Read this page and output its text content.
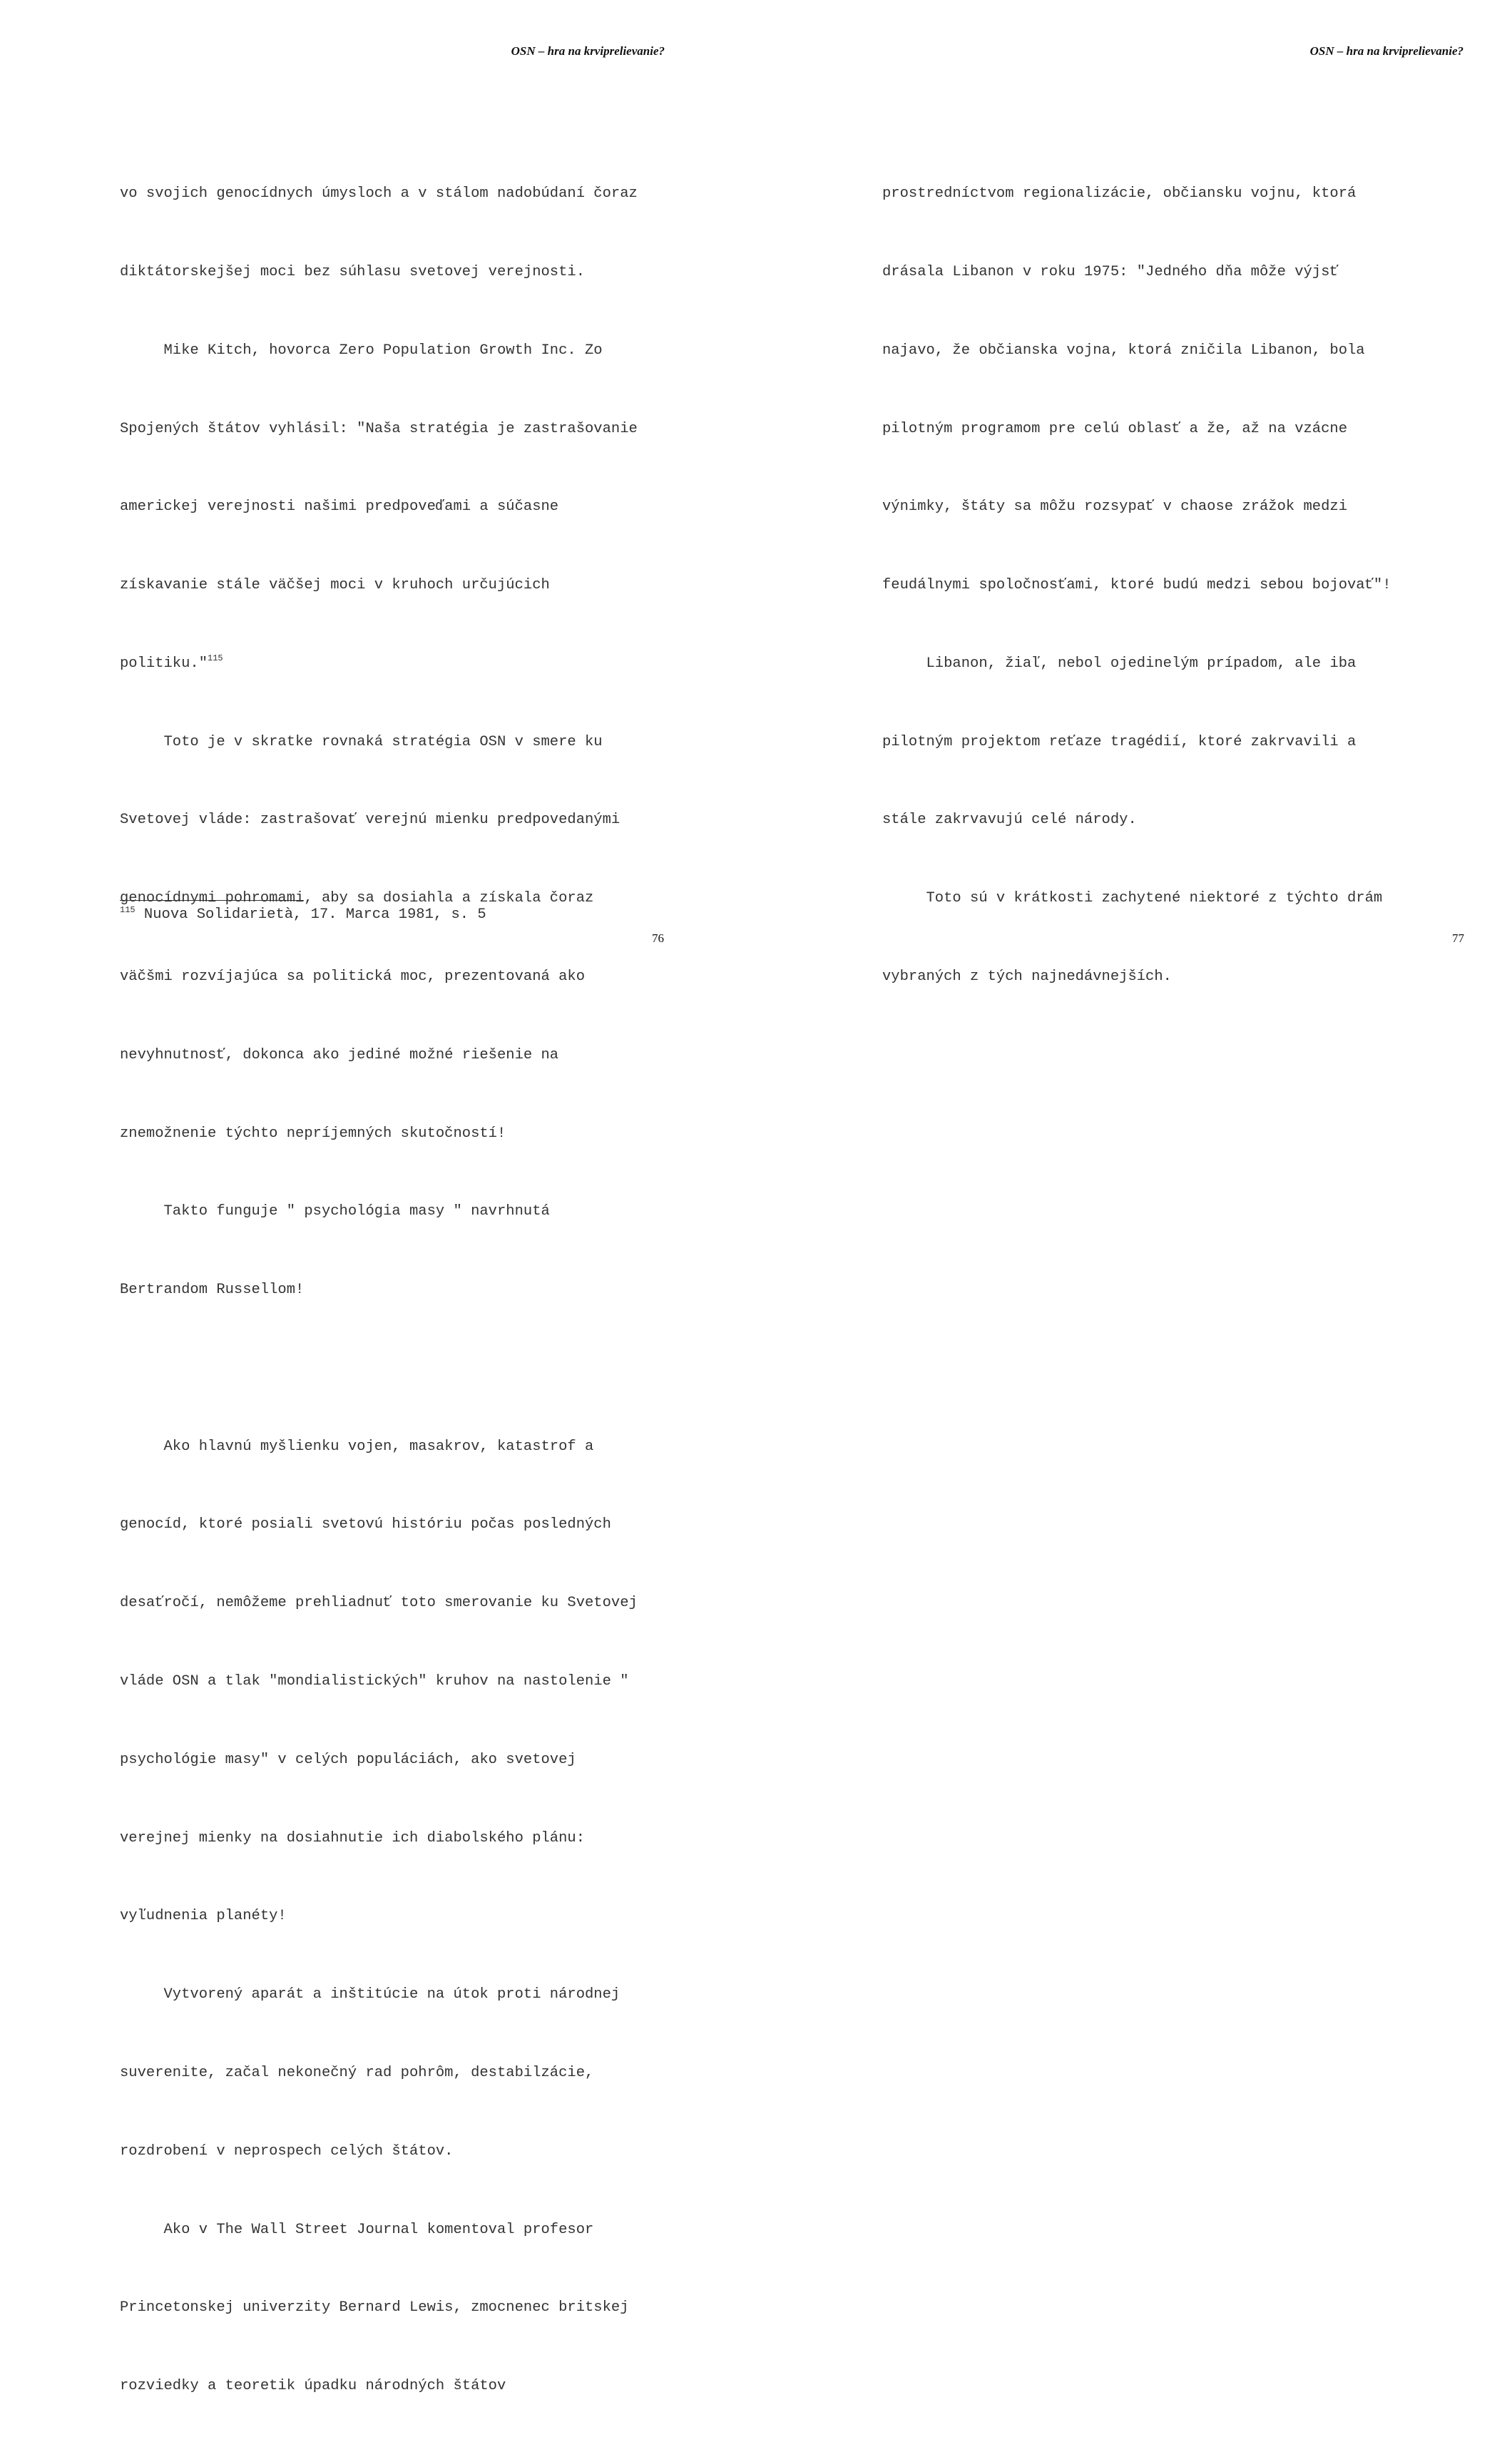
OSN – hra na krviprelievanie?

vo svojich genocídnych úmysloch a v stálom nadobúdaní čoraz

diktátorskejšej moci bez súhlasu svetovej verejnosti.

Mike Kitch, hovorca Zero Population Growth Inc. Zo

Spojených štátov vyhlásil: "Naša stratégia je zastrašovanie

americkej verejnosti našimi predpoveďami a súčasne

získavanie stále väčšej moci v kruhoch určujúcich

politiku."$^{115}$

Toto je v skratke rovnaká stratégia OSN v smere ku

Svetovej vláde: zastrašovať verejnú mienku predpovedanými

genocídnymi pohromami, aby sa dosiahla a získala čoraz

väčšmi rozvíjajúca sa politická moc, prezentovaná ako

nevyhnutnosť, dokonca ako jediné možné riešenie na

znemožnenie týchto nepríjemných skutočností!

Takto funguje " psychológia masy " navrhnutá

Bertrandom Russellom!

Ako hlavnú myšlienku vojen, masakrov, katastrof a

genocíd, ktoré posiali svetovú históriu počas posledných

desaťročí, nemôžeme prehliadnuť toto smerovanie ku Svetovej

vláde OSN a tlak "mondialistických" kruhov na nastolenie "

psychológie masy" v celých populáciách, ako svetovej

verejnej mienky na dosiahnutie ich diabolského plánu:

vyľudnenia planéty!

Vytvorený aparát a inštitúcie na útok proti národnej

suverenite, začal nekonečný rad pohrôm, destabilzácie,

rozdrobení v neprospech celých štátov.

Ako v The Wall Street Journal komentoval profesor

Princetonskej univerzity Bernard Lewis, zmocnenec britskej

rozviedky a teoretik úpadku národných štátov

$^{115}$ Nuova Solidarietà, 17. Marca 1981, s. 5
76
OSN – hra na krviprelievanie?

prostredníctvom regionalizácie, občiansku vojnu, ktorá

drásala Libanon v roku 1975: "Jedného dňa môže výjsť

najavo, že občianska vojna, ktorá zničila Libanon, bola

pilotným programom pre celú oblasť a že, až na vzácne

výnimky, štáty sa môžu rozsypať v chaose zrážok medzi

feudálnymi spoločnosťami, ktoré budú medzi sebou bojovať"!

Libanon, žiaľ, nebol ojedinelým prípadom, ale iba

pilotným projektom reťaze tragédií, ktoré zakrvavili a

stále zakrvavujú celé národy.

Toto sú v krátkosti zachytené niektoré z týchto drám

vybraných z tých najnedávnejších.

77
